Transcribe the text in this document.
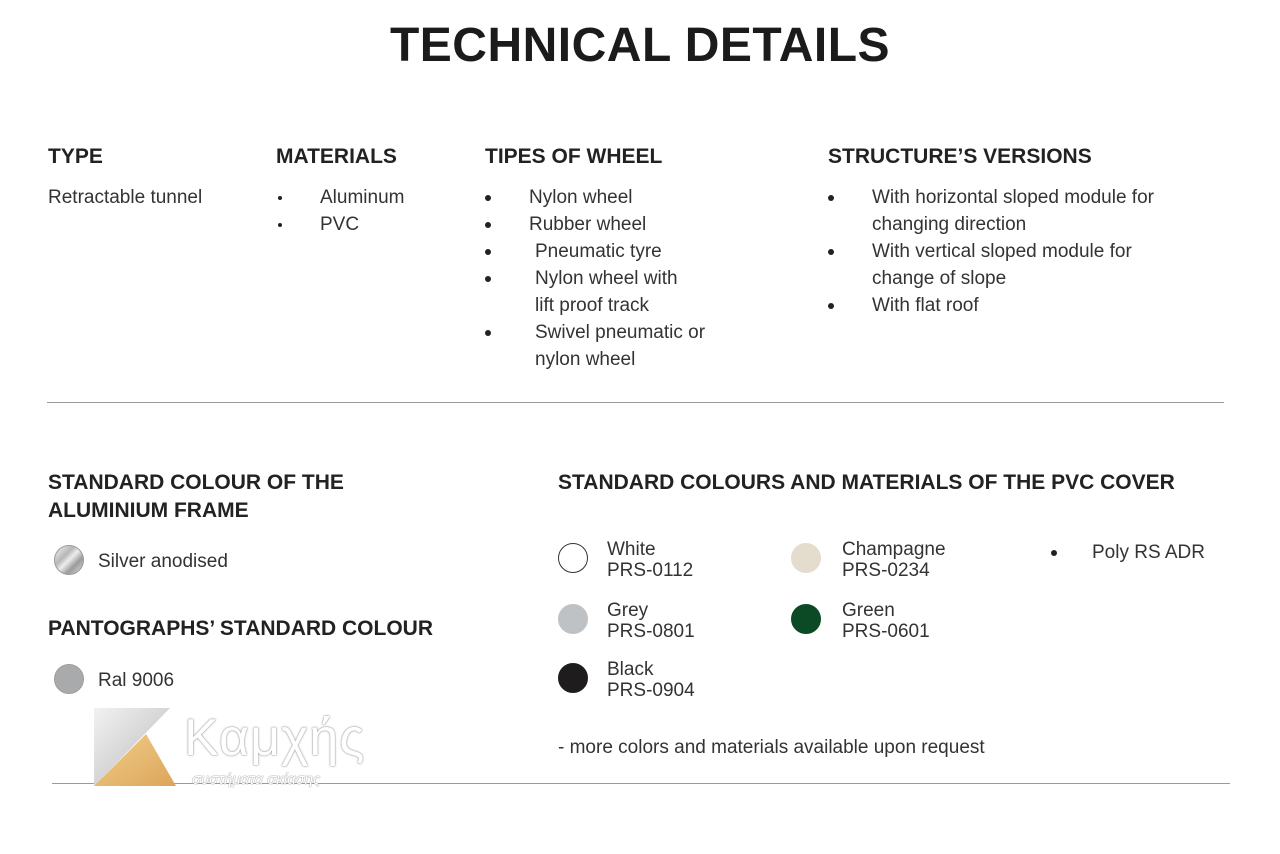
TECHNICAL DETAILS
TYPE
Retractable tunnel
MATERIALS
Aluminum
PVC
TIPES OF WHEEL
Nylon wheel
Rubber wheel
Pneumatic tyre
Nylon wheel with
lift proof track
Swivel pneumatic or
nylon wheel
STRUCTURE’S VERSIONS
With horizontal sloped module for
changing direction
With vertical sloped module for
change of slope
With flat roof
STANDARD COLOUR OF THE
ALUMINIUM FRAME
Silver anodised
PANTOGRAPHS’ STANDARD COLOUR
Ral 9006
STANDARD COLOURS AND MATERIALS OF THE PVC COVER
White
PRS-0112
Grey
PRS-0801
Black
PRS-0904
Champagne
PRS-0234
Green
PRS-0601
Poly RS ADR
- more colors and materials available upon request
Καμχής
συστήματα σκίασης
